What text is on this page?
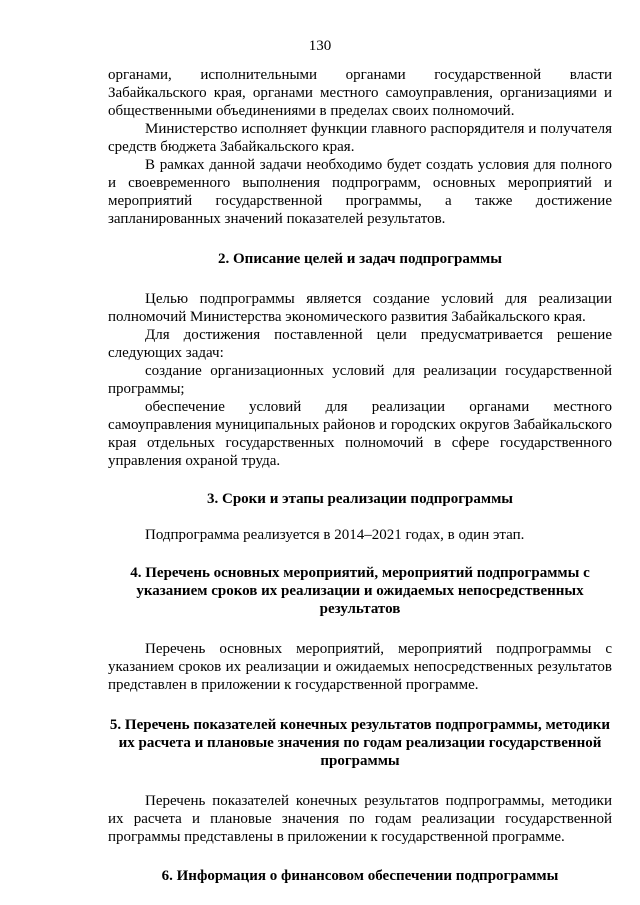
130

органами, исполнительными органами государственной власти Забайкальского края, органами местного самоуправления, организациями и общественными объединениями в пределах своих полномочий.

Министерство исполняет функции главного распорядителя и получателя средств бюджета Забайкальского края.

В рамках данной задачи необходимо будет создать условия для полного и своевременного выполнения подпрограмм, основных мероприятий и мероприятий государственной программы, а также достижение запланированных значений показателей результатов.

2. Описание целей и задач подпрограммы

Целью подпрограммы является создание условий для реализации полномочий Министерства экономического развития Забайкальского края.

Для достижения поставленной цели предусматривается решение следующих задач:

создание организационных условий для реализации государственной программы;

обеспечение условий для реализации органами местного самоуправления муниципальных районов и городских округов Забайкальского края отдельных государственных полномочий в сфере государственного управления охраной труда.

3. Сроки и этапы реализации подпрограммы

Подпрограмма реализуется в 2014–2021 годах, в один этап.

4. Перечень основных мероприятий, мероприятий подпрограммы с указанием сроков их реализации и ожидаемых непосредственных результатов

Перечень основных мероприятий, мероприятий подпрограммы с указанием сроков их реализации и ожидаемых непосредственных результатов представлен в приложении к государственной программе.

5. Перечень показателей конечных результатов подпрограммы, методики их расчета и плановые значения по годам реализации государственной программы

Перечень показателей конечных результатов подпрограммы, методики их расчета и плановые значения по годам реализации государственной программы представлены в приложении к государственной программе.

6. Информация о финансовом обеспечении подпрограммы
